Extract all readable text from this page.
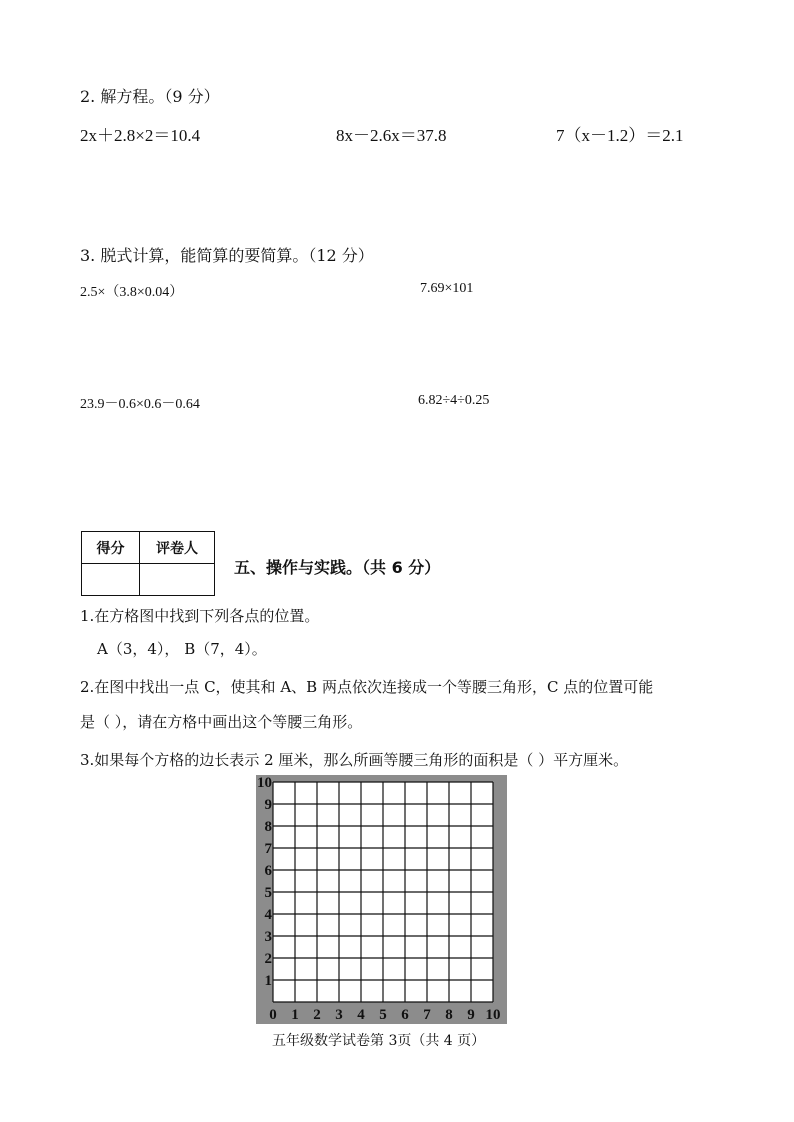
2. 解方程。（9 分）
2x＋2.8×2＝10.4	8x－2.6x＝37.8	7（x－1.2）＝2.1
3. 脱式计算，能简算的要简算。（12 分）
2.5×（3.8×0.04）	7.69×101
23.9－0.6×0.6－0.64	6.82÷4÷0.25
得分	评卷人

五、操作与实践。（共 6 分）
1.在方格图中找到下列各点的位置。
A（3，4）， B（7，4）。
2.在图中找出一点 C，使其和 A、B 两点依次连接成一个等腰三角形，C 点的位置可能
是（ ），请在方格中画出这个等腰三角形。
3.如果每个方格的边长表示 2 厘米，那么所画等腰三角形的面积是（ ）平方厘米。
0 1 2 3 4 5 6 7 8 9 10
1
2
3
4
5
6
7
8
9
10
五年级数学试卷第 3页（共 4 页）
